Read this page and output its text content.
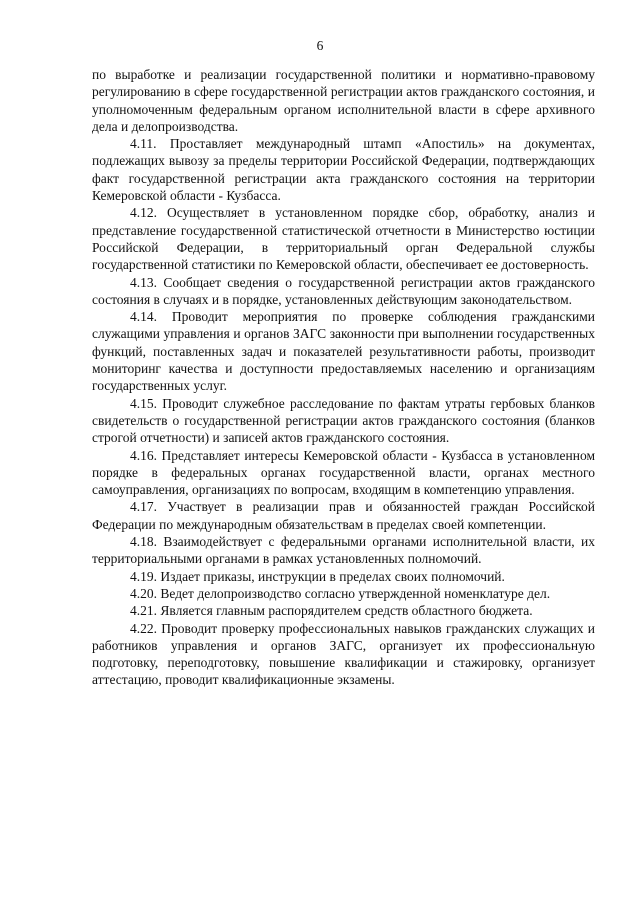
6

по выработке и реализации государственной политики и нормативно-правовому регулированию в сфере государственной регистрации актов гражданского состояния, и уполномоченным федеральным органом исполнительной власти в сфере архивного дела и делопроизводства.

4.11. Проставляет международный штамп «Апостиль» на документах, подлежащих вывозу за пределы территории Российской Федерации, подтверждающих факт государственной регистрации акта гражданского состояния на территории Кемеровской области - Кузбасса.

4.12. Осуществляет в установленном порядке сбор, обработку, анализ и представление государственной статистической отчетности в Министерство юстиции Российской Федерации, в территориальный орган Федеральной службы государственной статистики по Кемеровской области, обеспечивает ее достоверность.

4.13. Сообщает сведения о государственной регистрации актов гражданского состояния в случаях и в порядке, установленных действующим законодательством.

4.14. Проводит мероприятия по проверке соблюдения гражданскими служащими управления и органов ЗАГС законности при выполнении государственных функций, поставленных задач и показателей результативности работы, производит мониторинг качества и доступности предоставляемых населению и организациям государственных услуг.

4.15. Проводит служебное расследование по фактам утраты гербовых бланков свидетельств о государственной регистрации актов гражданского состояния (бланков строгой отчетности) и записей актов гражданского состояния.

4.16. Представляет интересы Кемеровской области - Кузбасса в установленном порядке в федеральных органах государственной власти, органах местного самоуправления, организациях по вопросам, входящим в компетенцию управления.

4.17. Участвует в реализации прав и обязанностей граждан Российской Федерации по международным обязательствам в пределах своей компетенции.

4.18. Взаимодействует с федеральными органами исполнительной власти, их территориальными органами в рамках установленных полномочий.

4.19. Издает приказы, инструкции в пределах своих полномочий.

4.20. Ведет делопроизводство согласно утвержденной номенклатуре дел.

4.21. Является главным распорядителем средств областного бюджета.

4.22. Проводит проверку профессиональных навыков гражданских служащих и работников управления и органов ЗАГС, организует их профессиональную подготовку, переподготовку, повышение квалификации и стажировку, организует аттестацию, проводит квалификационные экзамены.
